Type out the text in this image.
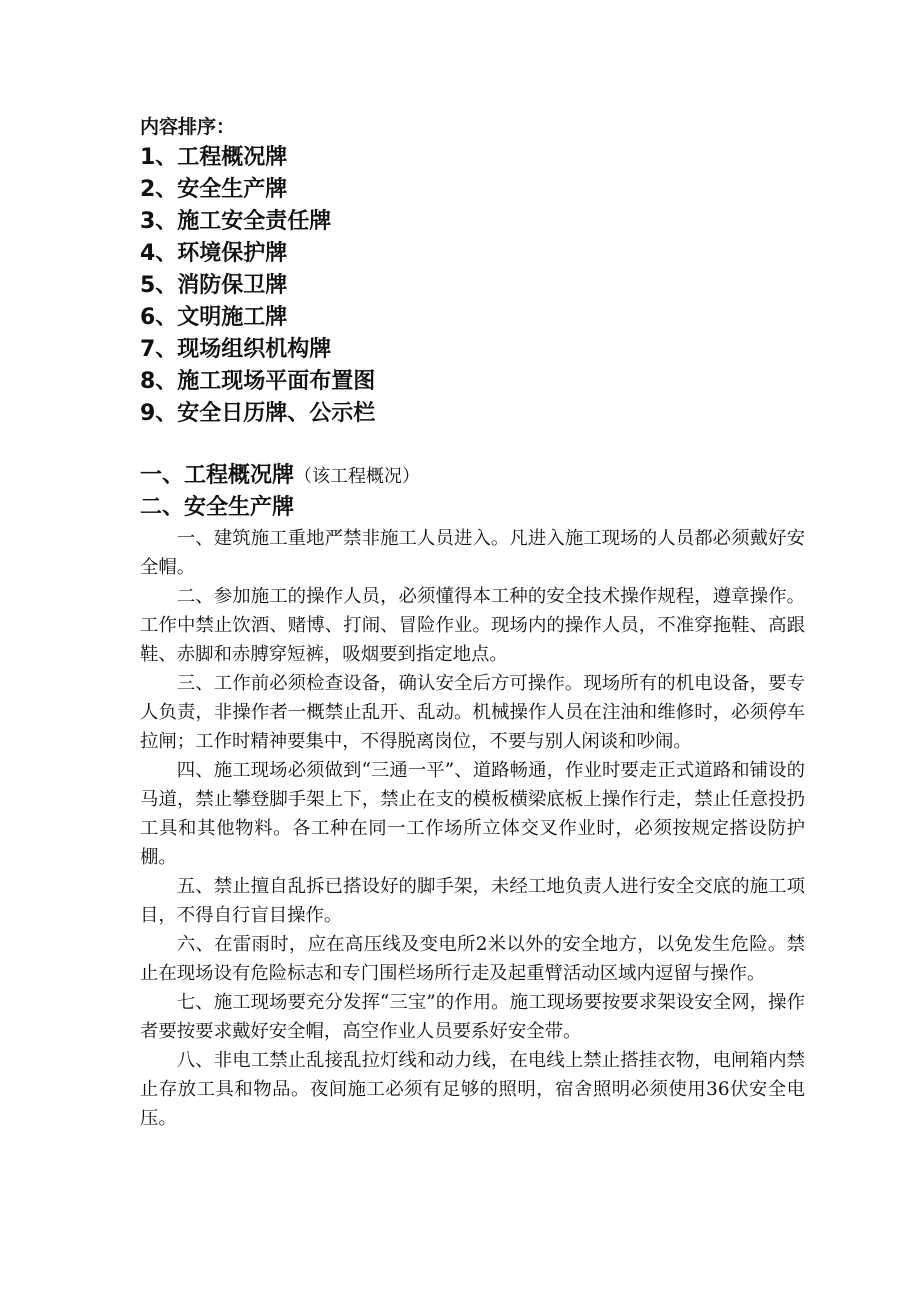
内容排序：
1、工程概况牌
2、安全生产牌
3、施工安全责任牌
4、环境保护牌
5、消防保卫牌
6、文明施工牌
7、现场组织机构牌
8、施工现场平面布置图
9、安全日历牌、公示栏
一、工程概况牌（该工程概况）
二、安全生产牌

一、建筑施工重地严禁非施工人员进入。凡进入施工现场的人员都必须戴好安全帽。

二、参加施工的操作人员，必须懂得本工种的安全技术操作规程，遵章操作。工作中禁止饮酒、赌博、打闹、冒险作业。现场内的操作人员，不准穿拖鞋、高跟鞋、赤脚和赤膊穿短裤，吸烟要到指定地点。

三、工作前必须检查设备，确认安全后方可操作。现场所有的机电设备，要专人负责，非操作者一概禁止乱开、乱动。机械操作人员在注油和维修时，必须停车拉闸；工作时精神要集中，不得脱离岗位，不要与别人闲谈和吵闹。

四、施工现场必须做到“三通一平”、道路畅通，作业时要走正式道路和铺设的马道，禁止攀登脚手架上下，禁止在支的模板横梁底板上操作行走，禁止任意投扔工具和其他物料。各工种在同一工作场所立体交叉作业时，必须按规定搭设防护棚。

五、禁止擅自乱拆已搭设好的脚手架，未经工地负责人进行安全交底的施工项目，不得自行盲目操作。

六、在雷雨时，应在高压线及变电所2米以外的安全地方，以免发生危险。禁止在现场设有危险标志和专门围栏场所行走及起重臂活动区域内逗留与操作。

七、施工现场要充分发挥“三宝”的作用。施工现场要按要求架设安全网，操作者要按要求戴好安全帽，高空作业人员要系好安全带。

八、非电工禁止乱接乱拉灯线和动力线，在电线上禁止搭挂衣物，电闸箱内禁止存放工具和物品。夜间施工必须有足够的照明，宿舍照明必须使用36伏安全电压。
